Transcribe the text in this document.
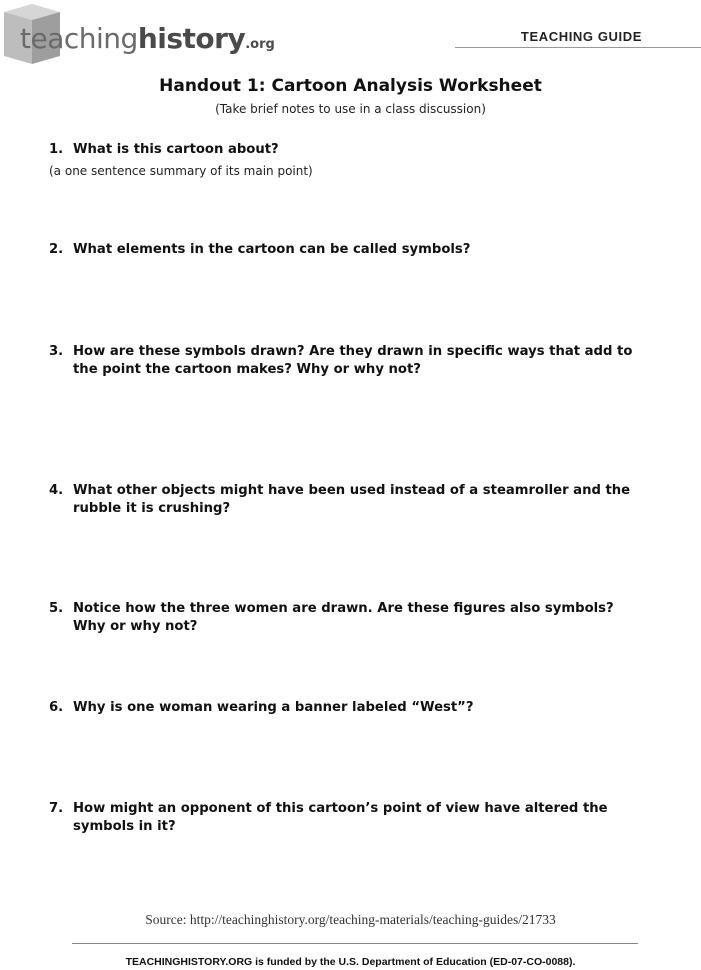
teachinghistory.org
TEACHING GUIDE
Handout 1: Cartoon Analysis Worksheet
(Take brief notes to use in a class discussion)
1. What is this cartoon about?
(a one sentence summary of its main point)
2. What elements in the cartoon can be called symbols?
3. How are these symbols drawn? Are they drawn in specific ways that add to
the point the cartoon makes? Why or why not?
4. What other objects might have been used instead of a steamroller and the
rubble it is crushing?
5. Notice how the three women are drawn. Are these figures also symbols?
Why or why not?
6. Why is one woman wearing a banner labeled “West”?
7. How might an opponent of this cartoon’s point of view have altered the
symbols in it?
Source: http://teachinghistory.org/teaching-materials/teaching-guides/21733
TEACHINGHISTORY.ORG is funded by the U.S. Department of Education (ED-07-CO-0088).
